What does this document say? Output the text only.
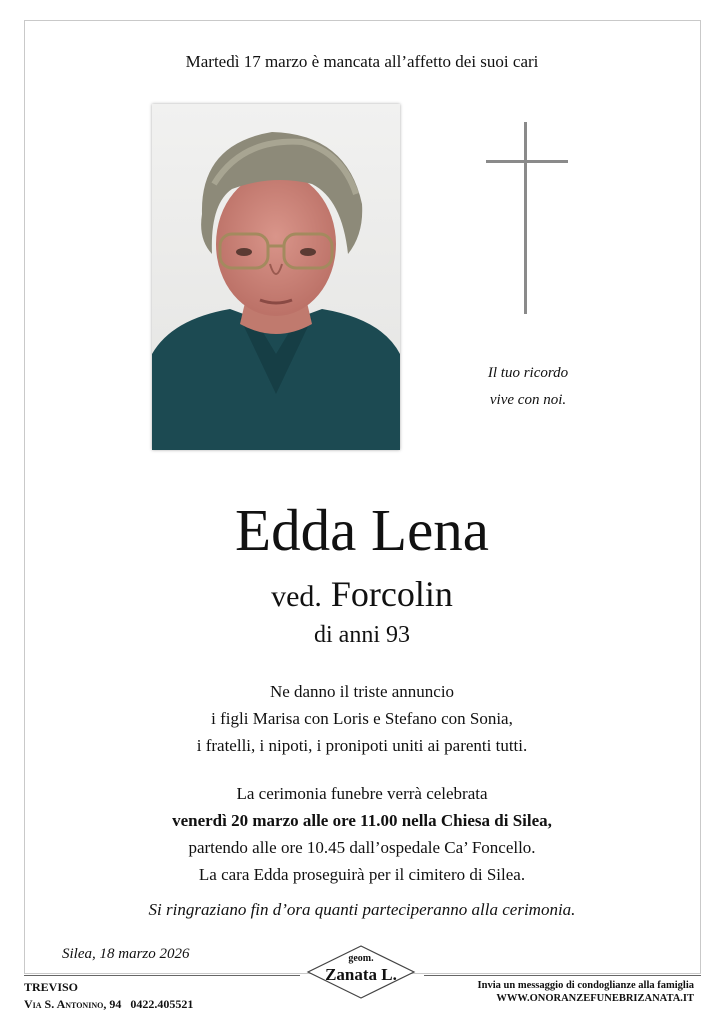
Martedì 17 marzo è mancata all’affetto dei suoi cari
Il tuo ricordo
vive con noi.
Edda Lena
ved. Forcolin
di anni 93
Ne danno il triste annuncio
i figli Marisa con Loris e Stefano con Sonia,
i fratelli, i nipoti, i pronipoti uniti ai parenti tutti.
La cerimonia funebre verrà celebrata
venerdì 20 marzo alle ore 11.00 nella Chiesa di Silea,
partendo alle ore 10.45 dall’ospedale Ca’ Foncello.
La cara Edda proseguirà per il cimitero di Silea.
Si ringraziano fin d’ora quanti parteciperanno alla cerimonia.
Silea, 18 marzo 2026
TREVISO
Via S. Antonino, 94 0422.405521
geom.
Zanata L.
Invia un messaggio di condoglianze alla famiglia
WWW.ONORANZEFUNEBRIZANATA.IT
